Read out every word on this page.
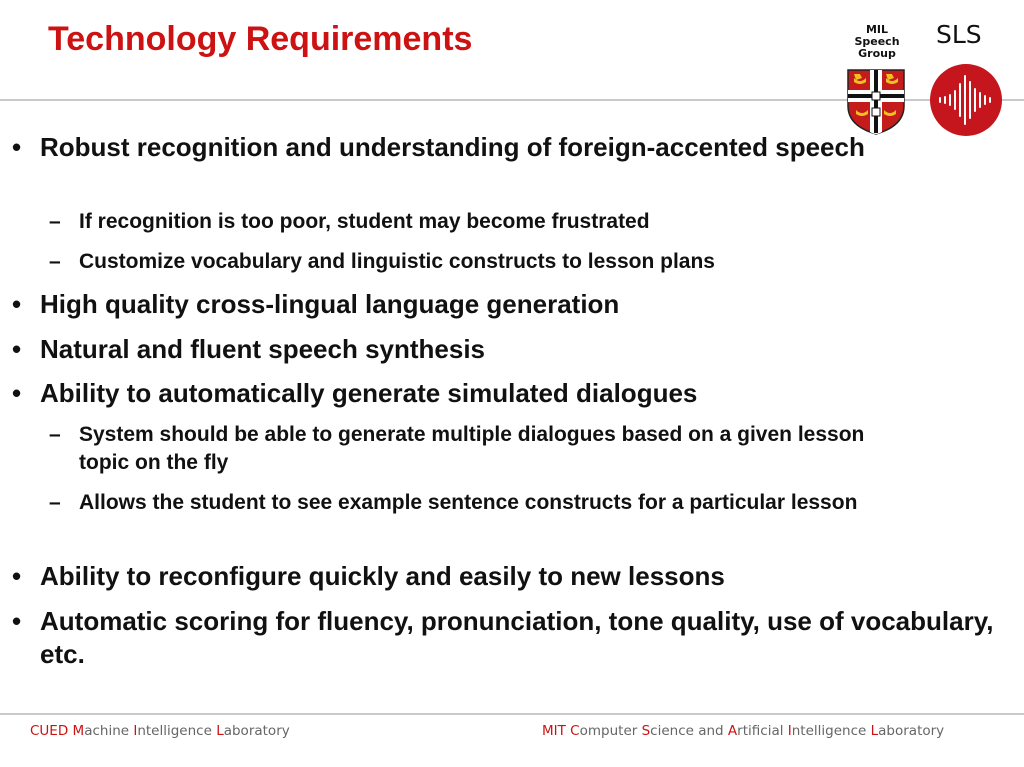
Technology Requirements	MIL
Speech
Group
SLS
• Robust recognition and understanding of foreign-accented speech
– If recognition is too poor, student may become frustrated
– Customize vocabulary and linguistic constructs to lesson plans
• High quality cross-lingual language generation
• Natural and fluent speech synthesis
• Ability to automatically generate simulated dialogues
– System should be able to generate multiple dialogues based on a given lesson topic on the fly
– Allows the student to see example sentence constructs for a particular lesson
• Ability to reconfigure quickly and easily to new lessons
• Automatic scoring for fluency, pronunciation, tone quality, use of vocabulary, etc.
CUED Machine Intelligence Laboratory	MIT Computer Science and Artificial Intelligence Laboratory
